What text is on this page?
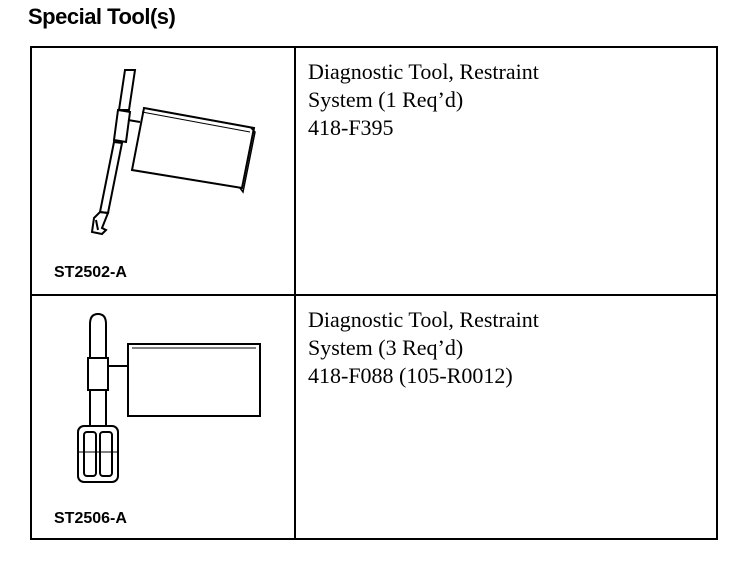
Special Tool(s)
ST2502-A
Diagnostic Tool, Restraint
System (1 Req’d)
418-F395
ST2506-A
Diagnostic Tool, Restraint
System (3 Req’d)
418-F088 (105-R0012)
